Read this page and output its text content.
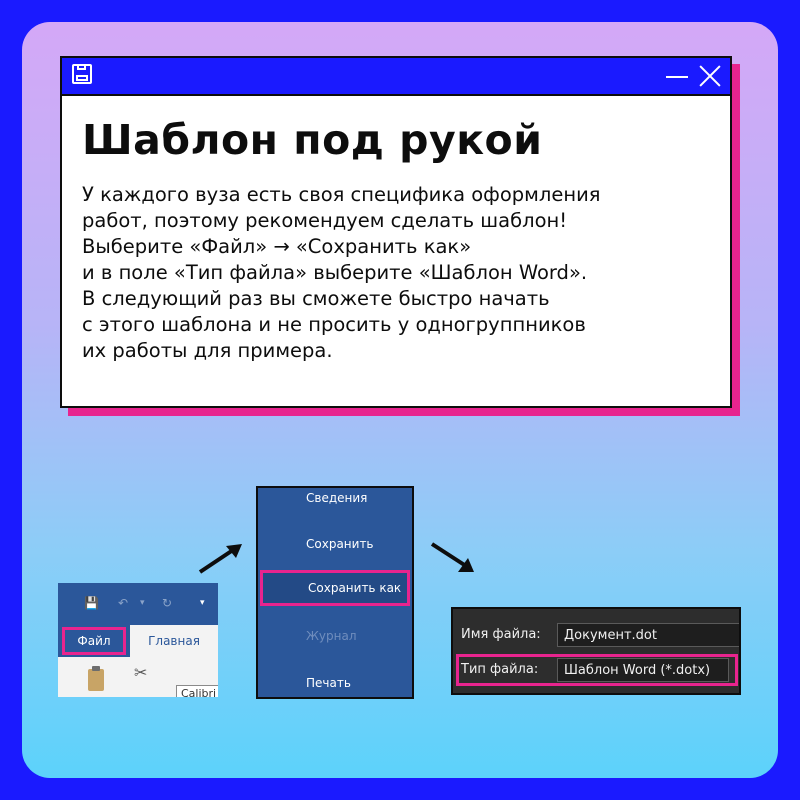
Шаблон под рукой

У каждого вуза есть своя специфика оформления
работ, поэтому рекомендуем сделать шаблон!
Выберите «Файл» → «Сохранить как»
и в поле «Тип файла» выберите «Шаблон Word».
В следующий раз вы сможете быстро начать
с этого шаблона и не просить у одногруппников
их работы для примера.

💾 ↶ ▾ ↻	▾
Файл	Главная
✂
Calibri
Сведения
Сохранить
Сохранить как
Журнал
Печать
Имя файла:	Документ.dot
Тип файла:	Шаблон Word (*.dotx)
